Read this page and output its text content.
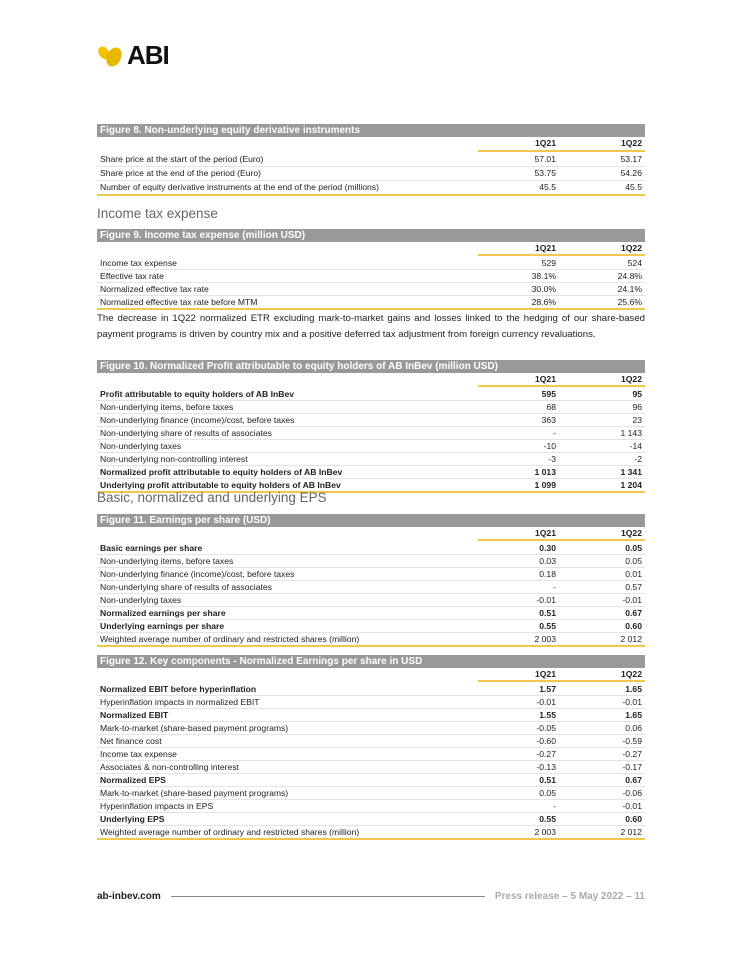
ABI
Figure 8. Non-underlying equity derivative instruments
1Q21	1Q22
Share price at the start of the period (Euro)	57.01	53.17
Share price at the end of the period (Euro)	53.75	54.26
Number of equity derivative instruments at the end of the period (millions)	45.5	45.5
Income tax expense
Figure 9. Income tax expense (million USD)
1Q21	1Q22
Income tax expense	529	524
Effective tax rate	38.1%	24.8%
Normalized effective tax rate	30.0%	24.1%
Normalized effective tax rate before MTM	28.6%	25.6%
The decrease in 1Q22 normalized ETR excluding mark-to-market gains and losses linked to the hedging of our share-based payment programs is driven by country mix and a positive deferred tax adjustment from foreign currency revaluations.
Figure 10. Normalized Profit attributable to equity holders of AB InBev (million USD)
1Q21	1Q22
Profit attributable to equity holders of AB InBev	595	95
Non-underlying items, before taxes	68	96
Non-underlying finance (income)/cost, before taxes	363	23
Non-underlying share of results of associates	-	1 143
Non-underlying taxes	-10	-14
Non-underlying non-controlling interest	-3	-2
Normalized profit attributable to equity holders of AB InBev	1 013	1 341
Underlying profit attributable to equity holders of AB InBev	1 099	1 204
Basic, normalized and underlying EPS
Figure 11. Earnings per share (USD)
1Q21	1Q22
Basic earnings per share	0.30	0.05
Non-underlying items, before taxes	0.03	0.05
Non-underlying finance (income)/cost, before taxes	0.18	0.01
Non-underlying share of results of associates	-	0.57
Non-underlying taxes	-0.01	-0.01
Normalized earnings per share	0.51	0.67
Underlying earnings per share	0.55	0.60
Weighted average number of ordinary and restricted shares (million)	2 003	2 012
Figure 12. Key components - Normalized Earnings per share in USD
1Q21	1Q22
Normalized EBIT before hyperinflation	1.57	1.65
Hyperinflation impacts in normalized EBIT	-0.01	-0.01
Normalized EBIT	1.55	1.65
Mark-to-market (share-based payment programs)	-0.05	0.06
Net finance cost	-0.60	-0.59
Income tax expense	-0.27	-0.27
Associates & non-controlling interest	-0.13	-0.17
Normalized EPS	0.51	0.67
Mark-to-market (share-based payment programs)	0.05	-0.06
Hyperinflation impacts in EPS	-	-0.01
Underlying EPS	0.55	0.60
Weighted average number of ordinary and restricted shares (million)	2 003	2 012
ab-inbev.com	Press release – 5 May 2022 – 11
